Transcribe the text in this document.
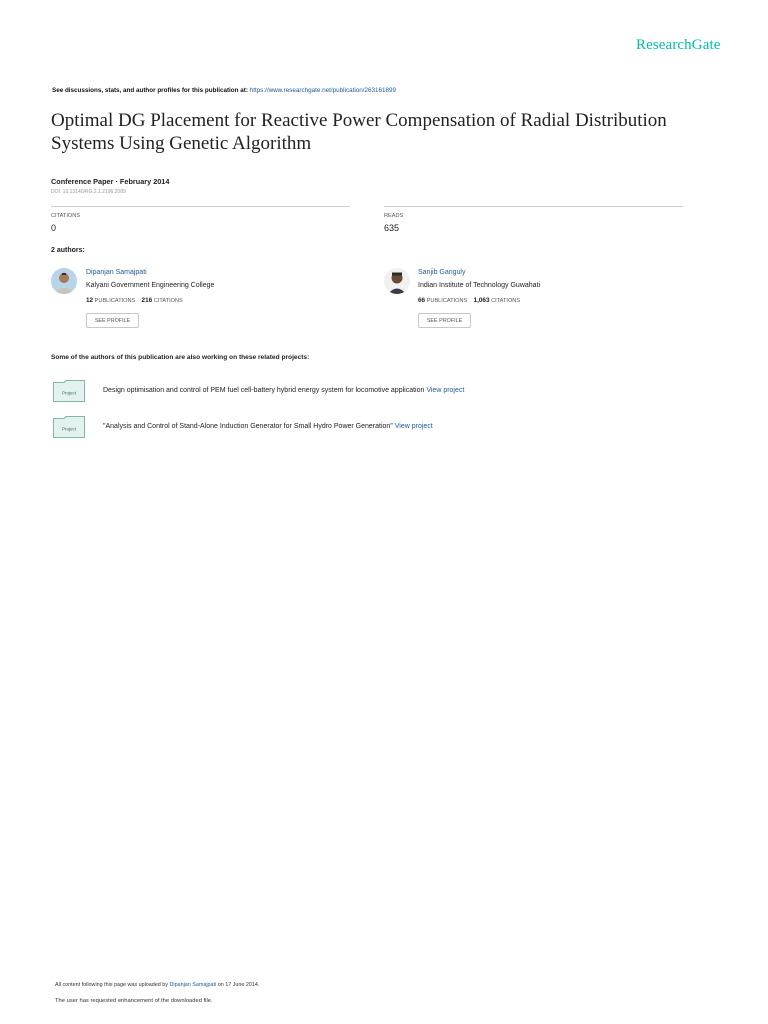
ResearchGate
See discussions, stats, and author profiles for this publication at: https://www.researchgate.net/publication/263161899
Optimal DG Placement for Reactive Power Compensation of Radial Distribution Systems Using Genetic Algorithm
Conference Paper · February 2014
DOI: 10.13140/RG.2.1.2196.2089
CITATIONS
0
READS
635
2 authors:
Dipanjan Samajpati
Kalyani Government Engineering College
12 PUBLICATIONS 216 CITATIONS
SEE PROFILE
Sanjib Ganguly
Indian Institute of Technology Guwahati
66 PUBLICATIONS 1,063 CITATIONS
SEE PROFILE
Some of the authors of this publication are also working on these related projects:
Project	Design optimisation and control of PEM fuel cell-battery hybrid energy system for locomotive application View project
Project	"Analysis and Control of Stand-Alone Induction Generator for Small Hydro Power Generation" View project
All content following this page was uploaded by Dipanjan Samajpati on 17 June 2014.
The user has requested enhancement of the downloaded file.
